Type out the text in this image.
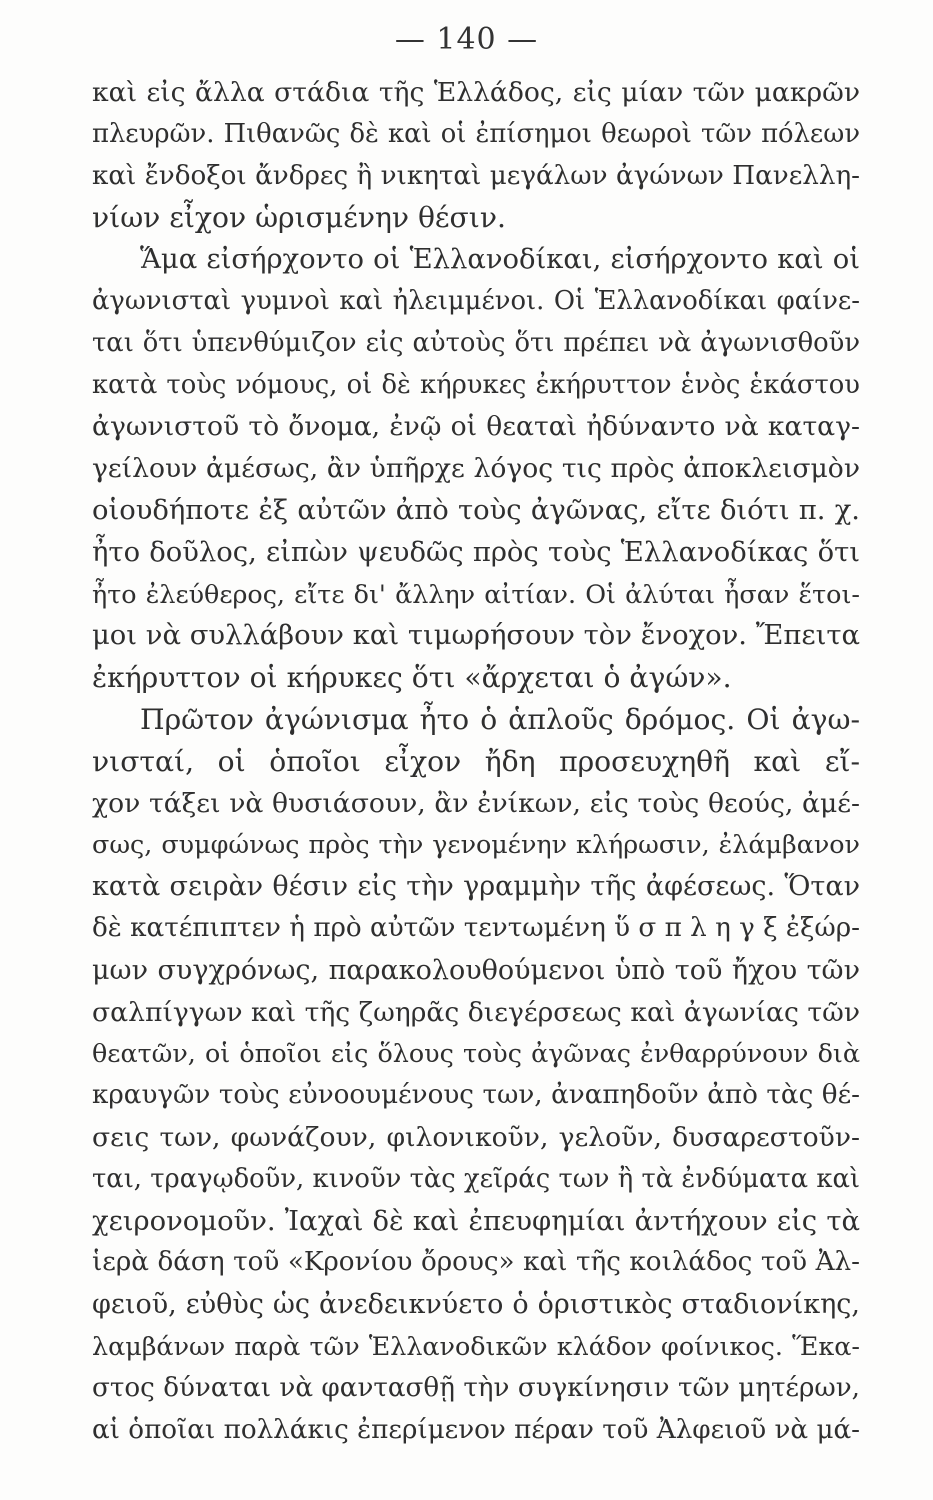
— 140 —
καὶ εἰς ἄλλα στάδια τῆς Ἑλλάδος, εἰς μίαν τῶν μακρῶν
πλευρῶν. Πιθανῶς δὲ καὶ οἱ ἐπίσημοι θεωροὶ τῶν πόλεων
καὶ ἔνδοξοι ἄνδρες ἢ νικηταὶ μεγάλων ἀγώνων Πανελλη-
νίων εἶχον ὡρισμένην θέσιν.
Ἅμα εἰσήρχοντο οἱ Ἑλλανοδίκαι, εἰσήρχοντο καὶ οἱ
ἀγωνισταὶ γυμνοὶ καὶ ἠλειμμένοι. Οἱ Ἑλλανοδίκαι φαίνε-
ται ὅτι ὑπενθύμιζον εἰς αὐτοὺς ὅτι πρέπει νὰ ἀγωνισθοῦν
κατὰ τοὺς νόμους, οἱ δὲ κήρυκες ἐκήρυττον ἑνὸς ἑκάστου
ἀγωνιστοῦ τὸ ὄνομα, ἐνῷ οἱ θεαταὶ ἠδύναντο νὰ καταγ-
γείλουν ἀμέσως, ἂν ὑπῆρχε λόγος τις πρὸς ἀποκλεισμὸν
οἱουδήποτε ἐξ αὐτῶν ἀπὸ τοὺς ἀγῶνας, εἴτε διότι π. χ.
ἦτο δοῦλος, εἰπὼν ψευδῶς πρὸς τοὺς Ἑλλανοδίκας ὅτι
ἦτο ἐλεύθερος, εἴτε δι' ἄλλην αἰτίαν. Οἱ ἀλύται ἦσαν ἕτοι-
μοι νὰ συλλάβουν καὶ τιμωρήσουν τὸν ἔνοχον. Ἔπειτα
ἐκήρυττον οἱ κήρυκες ὅτι «ἄρχεται ὁ ἀγών».
Πρῶτον ἀγώνισμα ἦτο ὁ ἁπλοῦς δρόμος. Οἱ ἀγω-
νισταί, οἱ ὁποῖοι εἶχον ἤδη προσευχηθῆ καὶ εἴ-
χον τάξει νὰ θυσιάσουν, ἂν ἐνίκων, εἰς τοὺς θεούς, ἀμέ-
σως, συμφώνως πρὸς τὴν γενομένην κλήρωσιν, ἐλάμβανον
κατὰ σειρὰν θέσιν εἰς τὴν γραμμὴν τῆς ἀφέσεως. Ὅταν
δὲ κατέπιπτεν ἡ πρὸ αὐτῶν τεντωμένη ὕ σ π λ η γ ξ ἐξώρ-
μων συγχρόνως, παρακολουθούμενοι ὑπὸ τοῦ ἤχου τῶν
σαλπίγγων καὶ τῆς ζωηρᾶς διεγέρσεως καὶ ἀγωνίας τῶν
θεατῶν, οἱ ὁποῖοι εἰς ὅλους τοὺς ἀγῶνας ἐνθαρρύνουν διὰ
κραυγῶν τοὺς εὐνοουμένους των, ἀναπηδοῦν ἀπὸ τὰς θέ-
σεις των, φωνάζουν, φιλονικοῦν, γελοῦν, δυσαρεστοῦν-
ται, τραγῳδοῦν, κινοῦν τὰς χεῖράς των ἢ τὰ ἐνδύματα καὶ
χειρονομοῦν. Ἰαχαὶ δὲ καὶ ἐπευφημίαι ἀντήχουν εἰς τὰ
ἱερὰ δάση τοῦ «Κρονίου ὄρους» καὶ τῆς κοιλάδος τοῦ Ἀλ-
φειοῦ, εὐθὺς ὡς ἀνεδεικνύετο ὁ ὁριστικὸς σταδιονίκης,
λαμβάνων παρὰ τῶν Ἑλλανοδικῶν κλάδον φοίνικος. Ἕκα-
στος δύναται νὰ φαντασθῇ τὴν συγκίνησιν τῶν μητέρων,
αἱ ὁποῖαι πολλάκις ἐπερίμενον πέραν τοῦ Ἀλφειοῦ νὰ μά-
